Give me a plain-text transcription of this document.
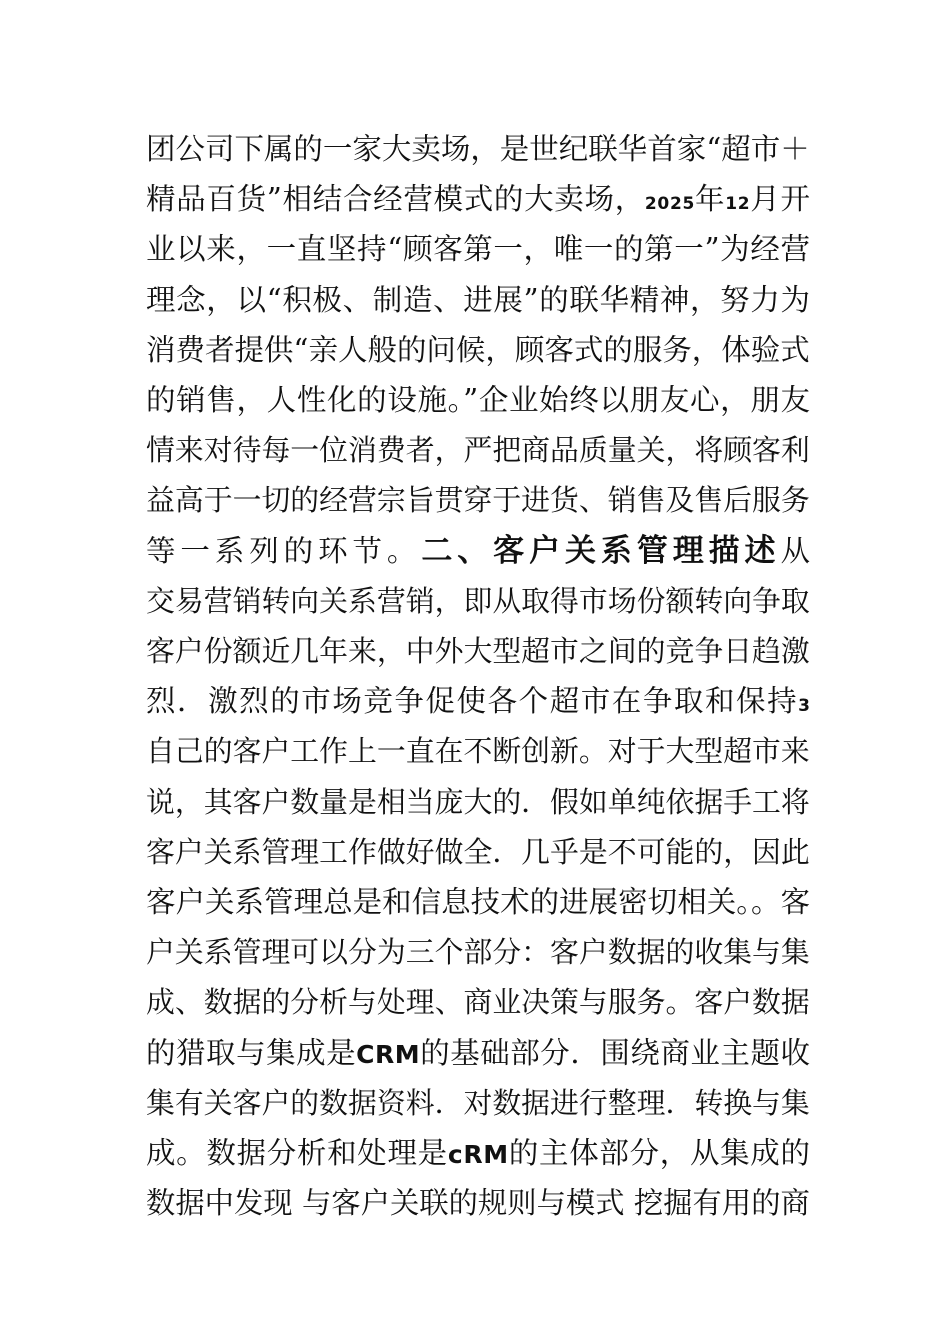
团公司下属的一家大卖场，是世纪联华首家“超市＋
精品百货”相结合经营模式的大卖场，2025年12月开
业以来，一直坚持“顾客第一，唯一的第一”为经营
理念，以“积极、制造、进展”的联华精神，努力为
消费者提供“亲人般的问候，顾客式的服务，体验式
的销售，人性化的设施。”企业始终以朋友心，朋友
情来对待每一位消费者，严把商品质量关，将顾客利
益高于一切的经营宗旨贯穿于进货、销售及售后服务
等一系列的环节。二、客户关系管理描述从
交易营销转向关系营销，即从取得市场份额转向争取
客户份额近几年来，中外大型超市之间的竞争日趋激
烈．激烈的市场竞争促使各个超市在争取和保持3
自己的客户工作上一直在不断创新。对于大型超市来
说，其客户数量是相当庞大的．假如单纯依据手工将
客户关系管理工作做好做全．几乎是不可能的，因此
客户关系管理总是和信息技术的进展密切相关。。客
户关系管理可以分为三个部分：客户数据的收集与集
成、数据的分析与处理、商业决策与服务。客户数据
的猎取与集成是CRM的基础部分．围绕商业主题收
集有关客户的数据资料．对数据进行整理．转换与集
成。数据分析和处理是cRM的主体部分，从集成的
数据中发现 与客户关联的规则与模式 挖掘有用的商
